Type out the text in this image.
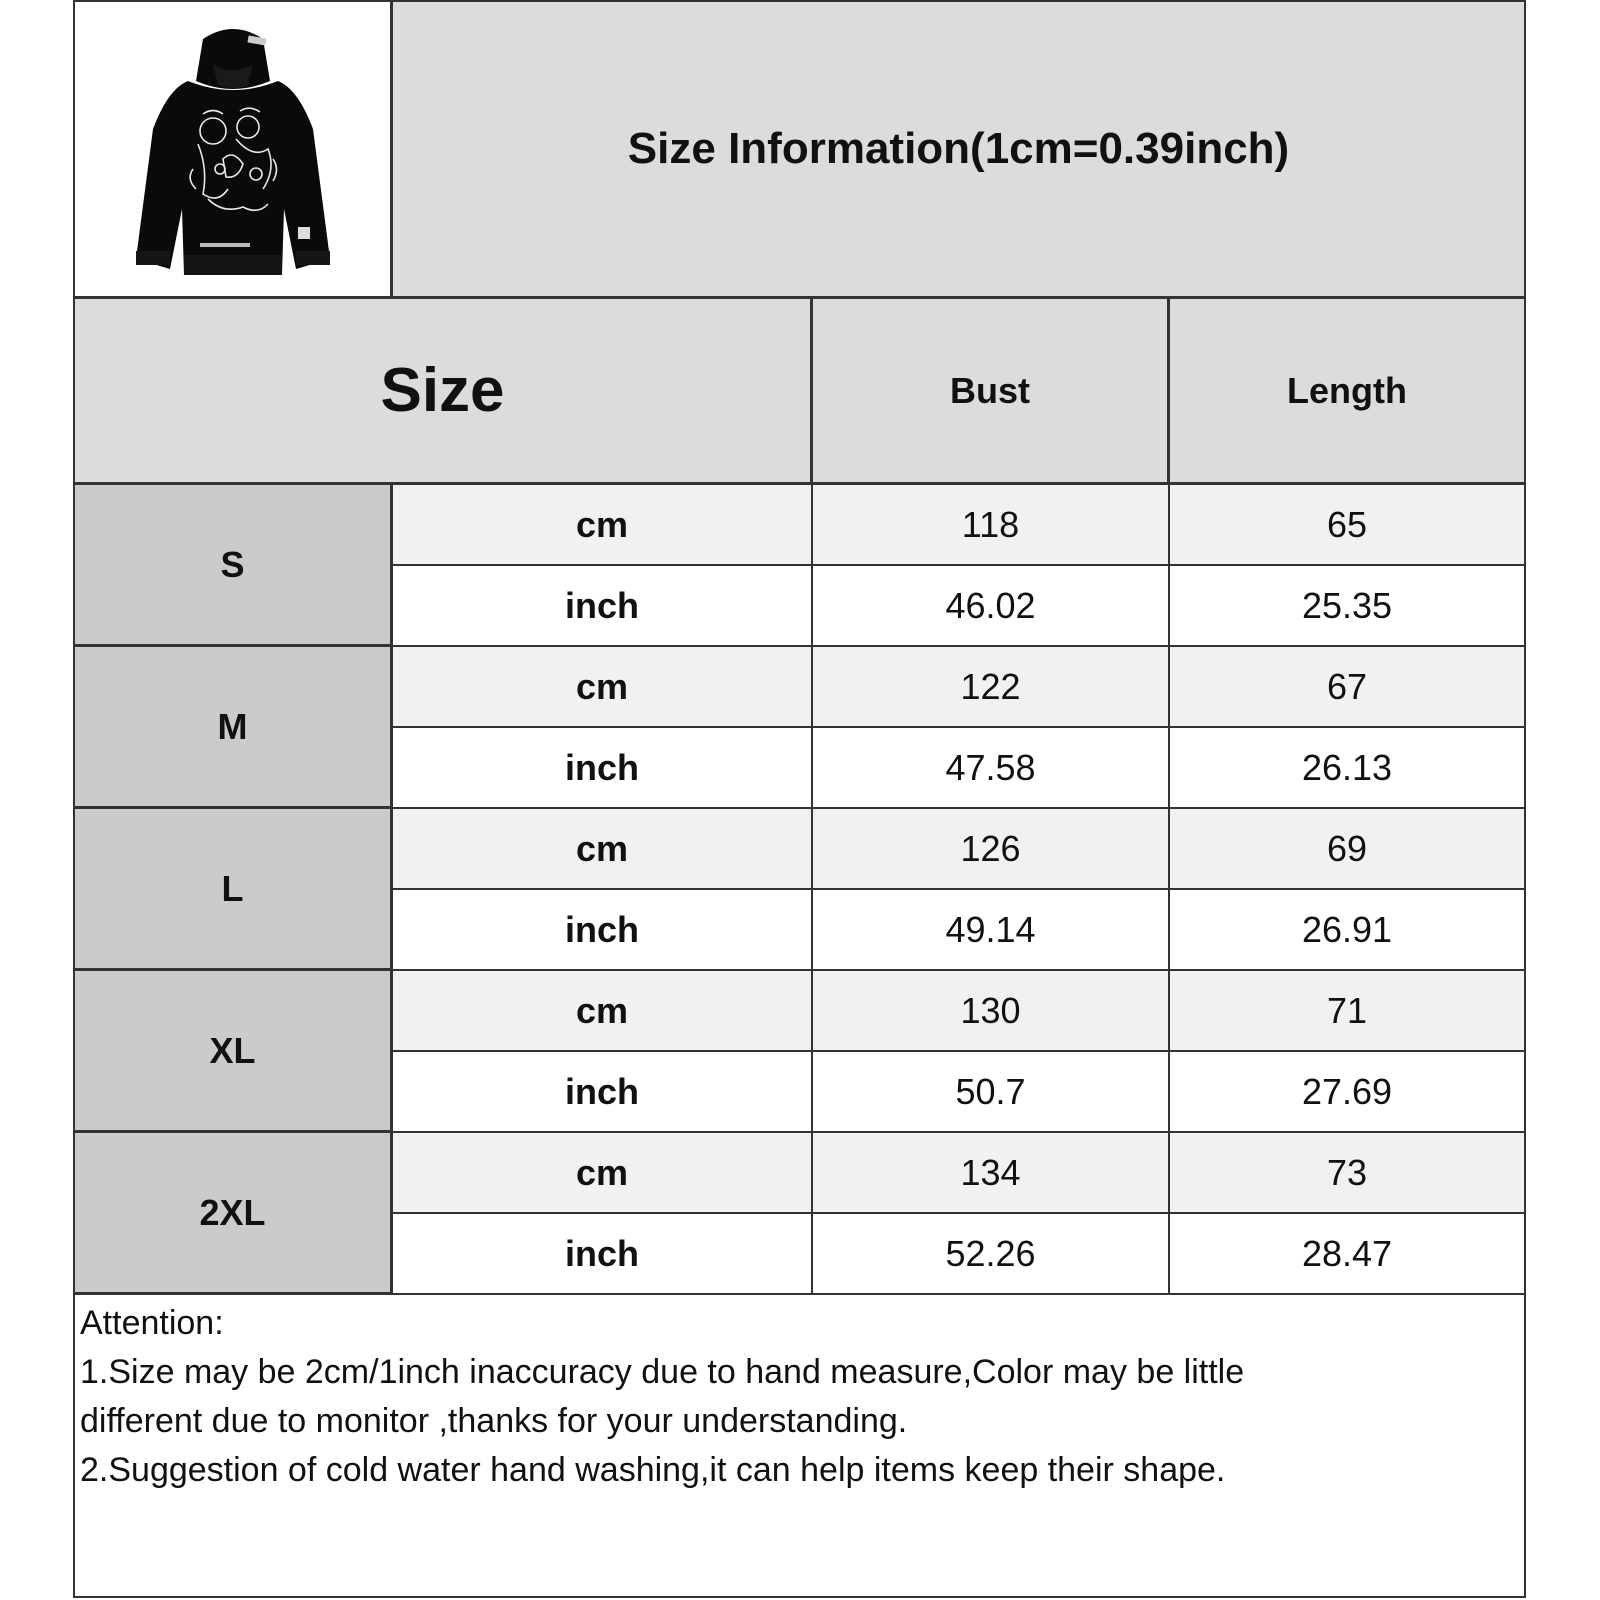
Size Information(1cm=0.39inch)
Size	Bust	Length
S
cm	118	65
inch	46.02	25.35
M
cm	122	67
inch	47.58	26.13
L
cm	126	69
inch	49.14	26.91
XL
cm	130	71
inch	50.7	27.69
2XL
cm	134	73
inch	52.26	28.47
Attention:
1.Size may be 2cm/1inch inaccuracy due to hand measure,Color may be little
different due to monitor ,thanks for your understanding.
2.Suggestion of cold water hand washing,it can help items keep their shape.
